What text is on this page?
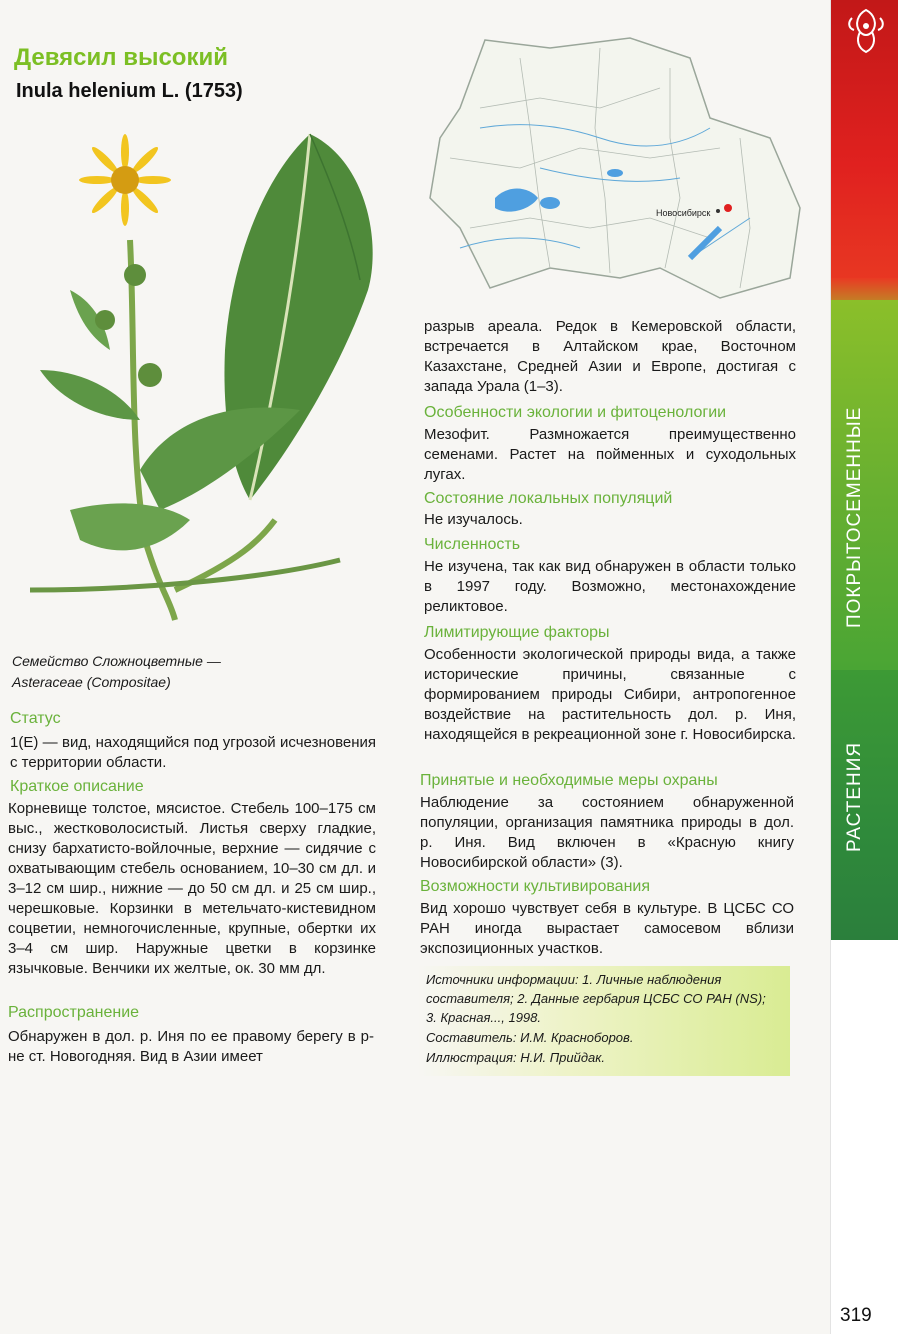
ПОКРЫТОСЕМЕННЫЕ
РАСТЕНИЯ
Девясил высокий
Inula helenium L. (1753)
Новосибирск
Семейство Сложноцветные —
Asteraceae (Compositae)
Статус
1(Е) — вид, находящийся под угрозой исчезновения с территории области.
Краткое описание
Корневище толстое, мясистое. Стебель 100–175 см выс., жестковолосистый. Листья сверху гладкие, снизу бархатисто-войлочные, верхние — сидячие с охватывающим стебель основанием, 10–30 см дл. и 3–12 см шир., нижние — до 50 см дл. и 25 см шир., черешковые. Корзинки в метельчато-кистевидном соцветии, немногочисленные, крупные, обертки их 3–4 см шир. Наружные цветки в корзинке язычковые. Венчики их желтые, ок. 30 мм дл.
Распространение
Обнаружен в дол. р. Иня по ее правому берегу в р-не ст. Новогодняя. Вид в Азии имеет
разрыв ареала. Редок в Кемеровской области, встречается в Алтайском крае, Восточном Казахстане, Средней Азии и Европе, достигая с запада Урала (1–3).
Особенности экологии и фитоценологии
Мезофит. Размножается преимущественно семенами. Растет на пойменных и суходольных лугах.
Состояние локальных популяций
Не изучалось.
Численность
Не изучена, так как вид обнаружен в области только в 1997 году. Возможно, местонахождение реликтовое.
Лимитирующие факторы
Особенности экологической природы вида, а также исторические причины, связанные с формированием природы Сибири, антропогенное воздействие на растительность дол. р. Иня, находящейся в рекреационной зоне г. Новосибирска.
Принятые и необходимые меры охраны
Наблюдение за состоянием обнаруженной популяции, организация памятника природы в дол. р. Иня. Вид включен в «Красную книгу Новосибирской области» (3).
Возможности культивирования
Вид хорошо чувствует себя в культуре. В ЦСБС СО РАН иногда вырастает самосевом вблизи экспозиционных участков.

Источники информации: 1. Личные наблюдения

составителя; 2. Данные гербария ЦСБС СО РАН (NS);

3. Красная..., 1998.

Составитель: И.М. Красноборов.

Иллюстрация: Н.И. Прийдак.

319
